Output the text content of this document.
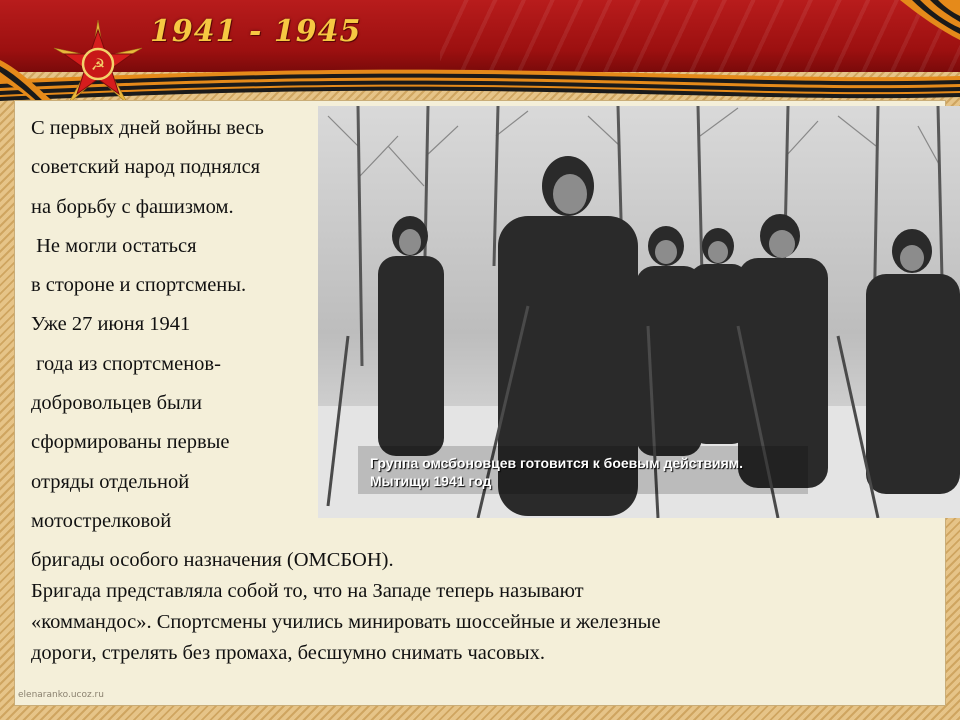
☭
1941 - 1945
Группа омсбоновцев готовится к боевым действиям.
Мытищи 1941 год
С первых дней войны весь
советский народ поднялся
на борьбу с фашизмом.
Не могли остаться
в стороне и спортсмены.
Уже 27 июня 1941
года из спортсменов-
добровольцев были
сформированы первые
отряды отдельной
мотострелковой
бригады особого назначения (ОМСБОН).
Бригада представляла собой то, что на Западе теперь называют
«коммандос». Спортсмены учились минировать шоссейные и железные
дороги, стрелять без промаха, бесшумно снимать часовых.
elenaranko.ucoz.ru
